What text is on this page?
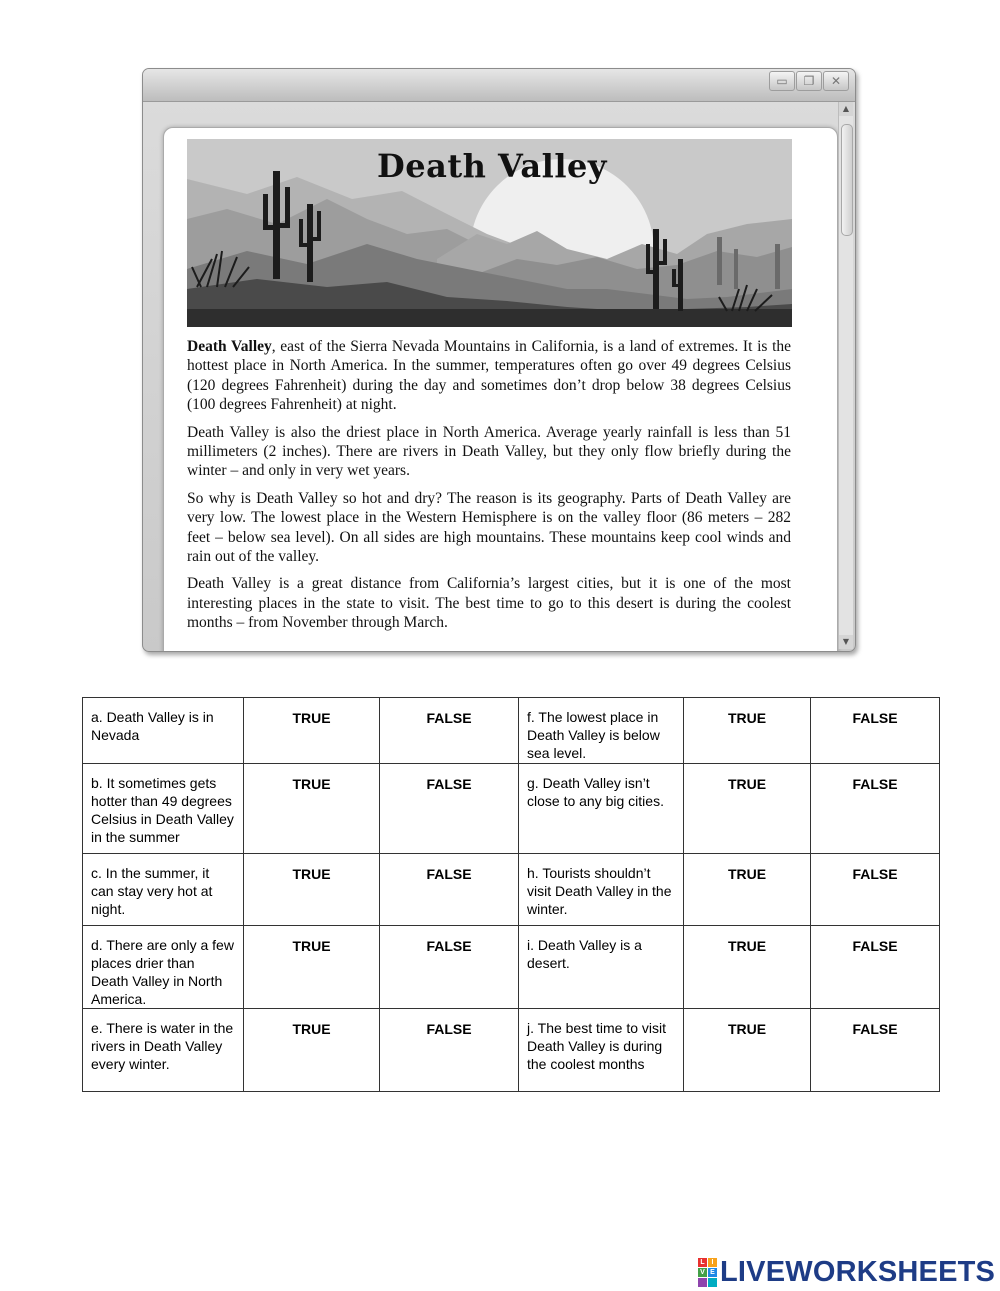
▭	❐	✕
▲
▼
Death Valley

Death Valley, east of the Sierra Nevada Mountains in California, is a land of extremes. It is the hottest place in North America. In the summer, temperatures often go over 49 degrees Celsius (120 degrees Fahrenheit) during the day and sometimes don’t drop below 38 degrees Celsius (100 degrees Fahrenheit) at night.

Death Valley is also the driest place in North America. Average yearly rainfall is less than 51 millimeters (2 inches). There are rivers in Death Valley, but they only flow briefly during the winter – and only in very wet years.

So why is Death Valley so hot and dry? The reason is its geography. Parts of Death Valley are very low. The lowest place in the Western Hemisphere is on the valley floor (86 meters – 282 feet – below sea level). On all sides are high mountains. These mountains keep cool winds and rain out of the valley.

Death Valley is a great distance from California’s largest cities, but it is one of the most interesting places in the state to visit. The best time to go to this desert is during the coolest months – from November through March.

a. Death Valley is in Nevada	TRUE	FALSE	f. The lowest place in Death Valley is below sea level.	TRUE	FALSE
b. It sometimes gets hotter than 49 degrees Celsius in Death Valley in the summer	TRUE	FALSE	g. Death Valley isn’t close to any big cities.	TRUE	FALSE
c. In the summer, it can stay very hot at night.	TRUE	FALSE	h. Tourists shouldn’t visit Death Valley in the winter.	TRUE	FALSE
d. There are only a few places drier than Death Valley in North America.	TRUE	FALSE	i. Death Valley is a desert.	TRUE	FALSE
e. There is water in the rivers in Death Valley every winter.	TRUE	FALSE	j. The best time to visit Death Valley is during the coolest months	TRUE	FALSE
L I
V E LIVEWORKSHEETS
